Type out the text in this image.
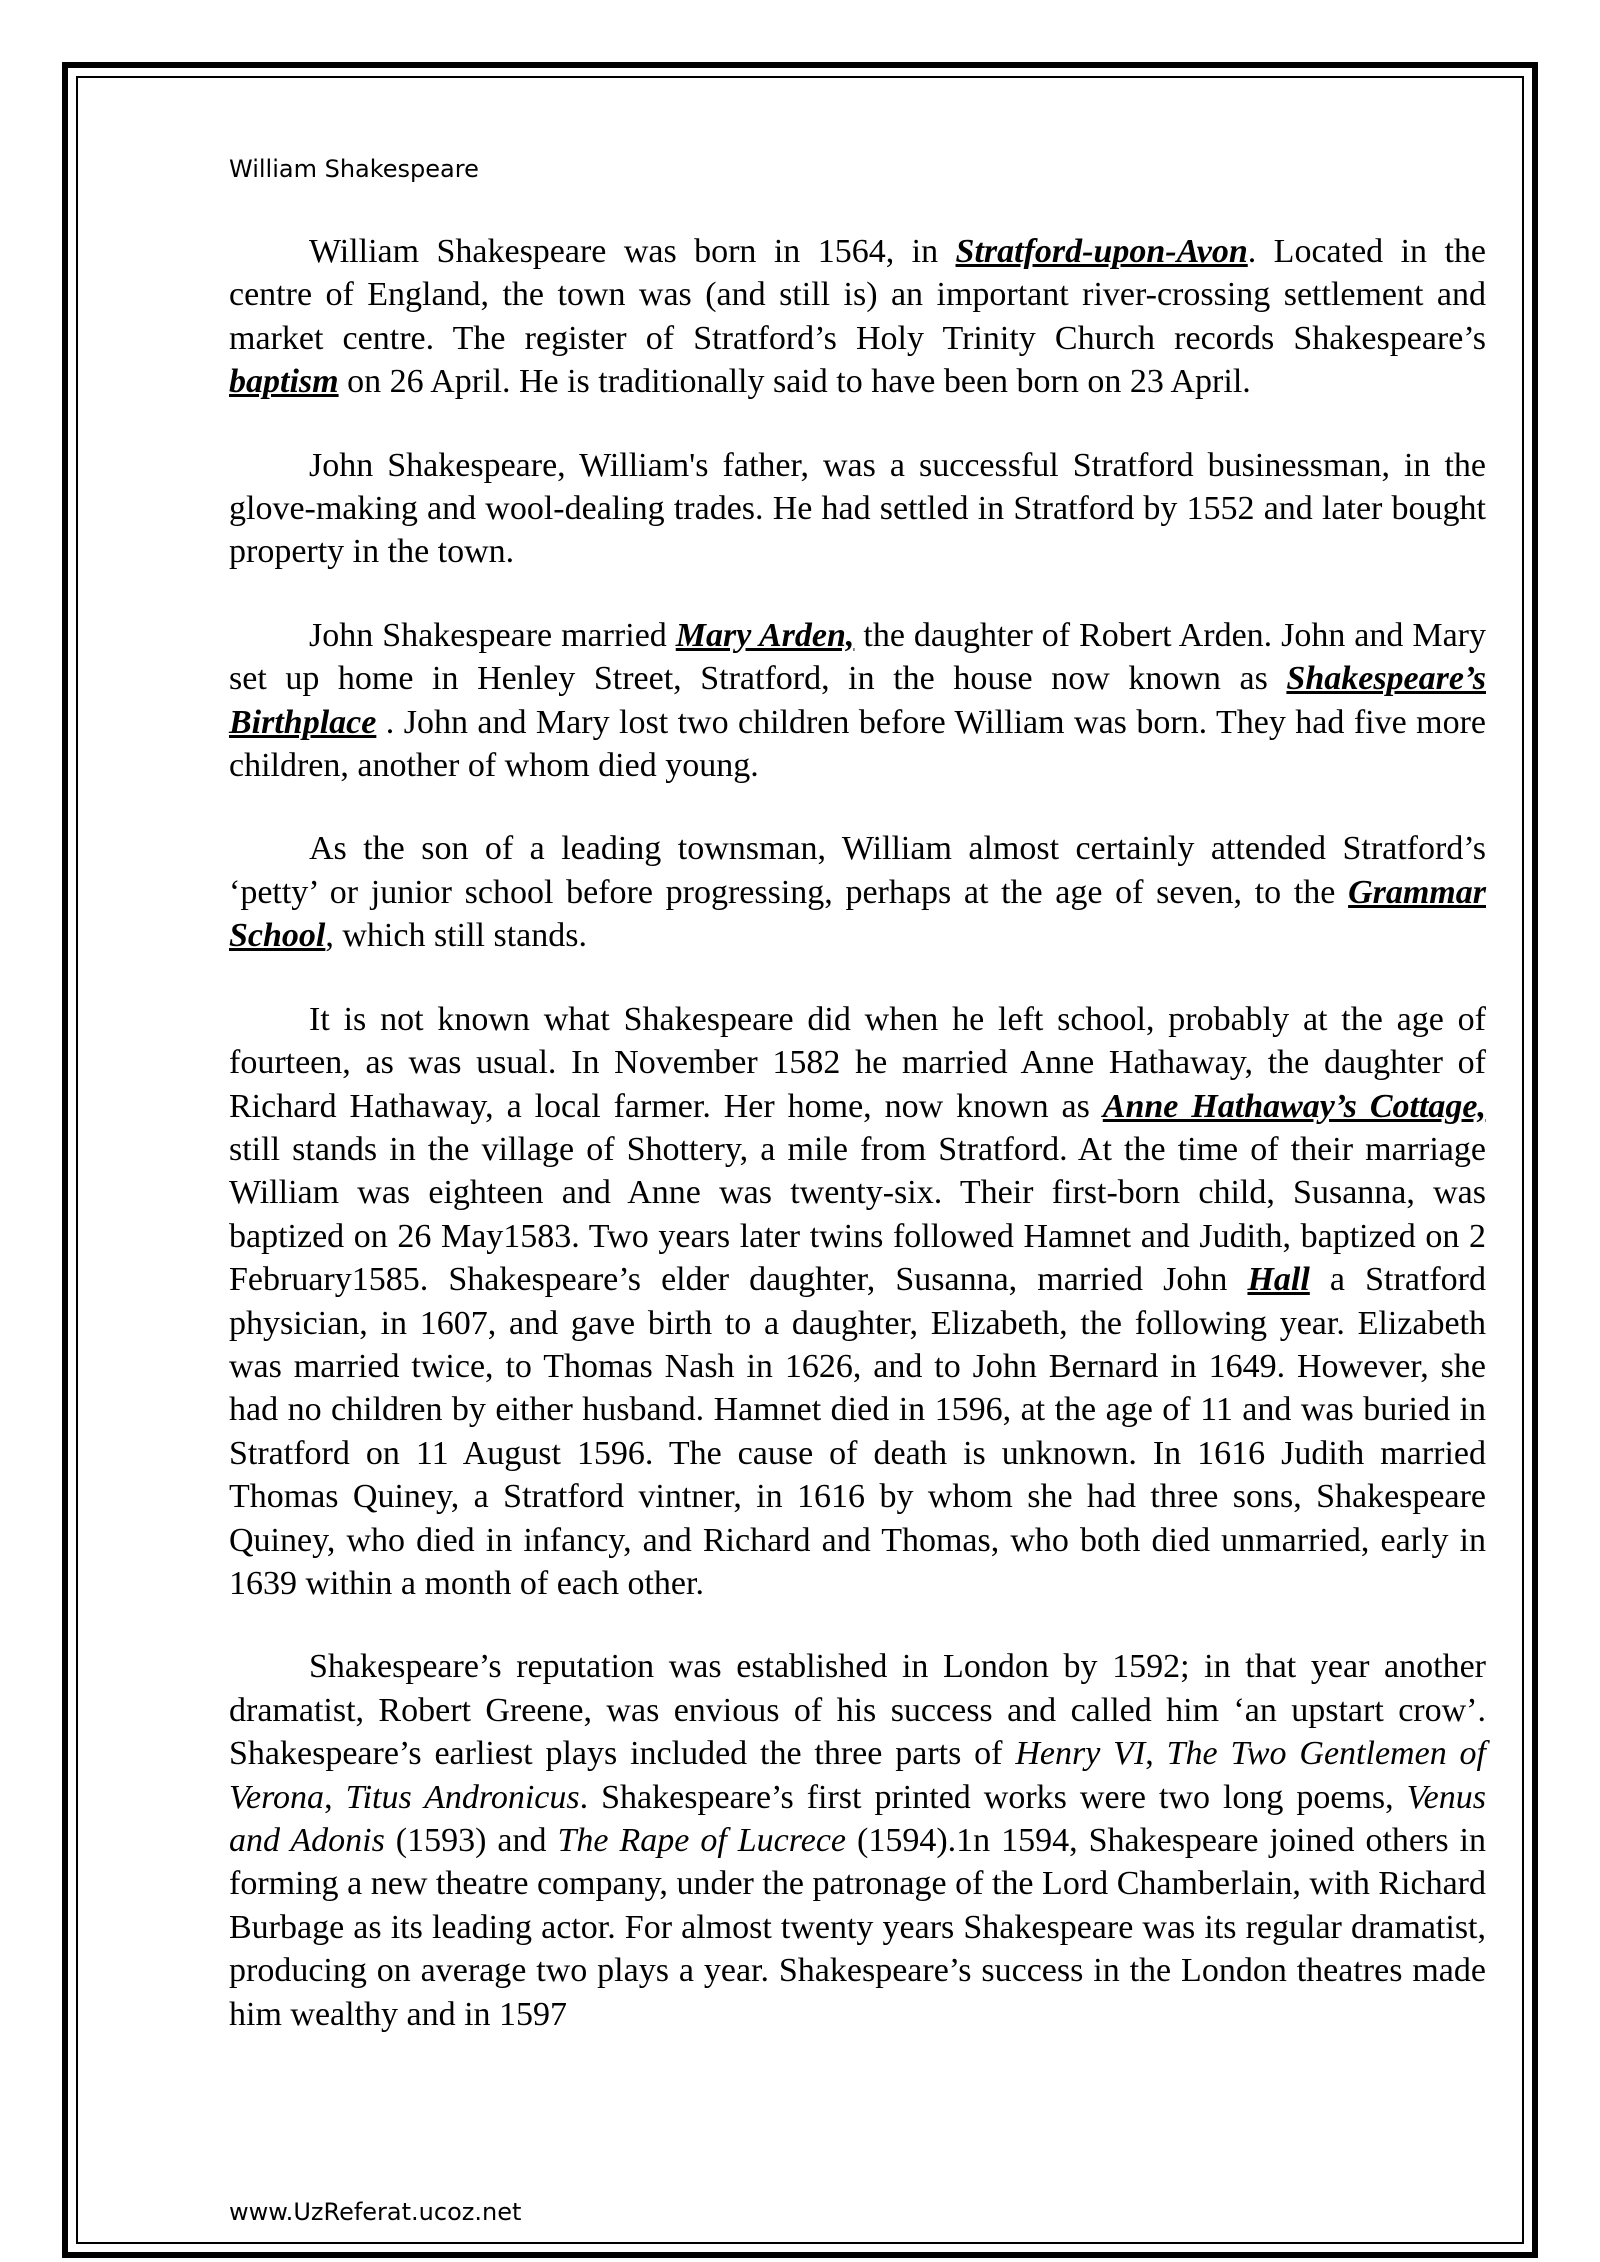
William Shakespeare

William Shakespeare was born in 1564, in Stratford-upon-Avon. Located in the centre of England, the town was (and still is) an important river-crossing settlement and market centre. The register of Stratford’s Holy Trinity Church records Shakespeare’s baptism on 26 April. He is traditionally said to have been born on 23 April.

John Shakespeare, William's father, was a successful Stratford businessman, in the glove-making and wool-dealing trades. He had settled in Stratford by 1552 and later bought property in the town.

John Shakespeare married Mary Arden, the daughter of Robert Arden. John and Mary set up home in Henley Street, Stratford, in the house now known as Shakespeare’s Birthplace . John and Mary lost two children before William was born. They had five more children, another of whom died young.

As the son of a leading townsman, William almost certainly attended Stratford’s ‘petty’ or junior school before progressing, perhaps at the age of seven, to the Grammar School, which still stands.

It is not known what Shakespeare did when he left school, probably at the age of fourteen, as was usual. In November 1582 he married Anne Hathaway, the daughter of Richard Hathaway, a local farmer. Her home, now known as Anne Hathaway’s Cottage, still stands in the village of Shottery, a mile from Stratford. At the time of their marriage William was eighteen and Anne was twenty-six. Their first-born child, Susanna, was baptized on 26 May1583. Two years later twins followed Hamnet and Judith, baptized on 2 February1585. Shakespeare’s elder daughter, Susanna, married John Hall a Stratford physician, in 1607, and gave birth to a daughter, Elizabeth, the following year. Elizabeth was married twice, to Thomas Nash in 1626, and to John Bernard in 1649. However, she had no children by either husband. Hamnet died in 1596, at the age of 11 and was buried in Stratford on 11 August 1596. The cause of death is unknown. In 1616 Judith married Thomas Quiney, a Stratford vintner, in 1616 by whom she had three sons, Shakespeare Quiney, who died in infancy, and Richard and Thomas, who both died unmarried, early in 1639 within a month of each other.

Shakespeare’s reputation was established in London by 1592; in that year another dramatist, Robert Greene, was envious of his success and called him ‘an upstart crow’. Shakespeare’s earliest plays included the three parts of Henry VI, The Two Gentlemen of Verona, Titus Andronicus. Shakespeare’s first printed works were two long poems, Venus and Adonis (1593) and The Rape of Lucrece (1594).1n 1594, Shakespeare joined others in forming a new theatre company, under the patronage of the Lord Chamberlain, with Richard Burbage as its leading actor. For almost twenty years Shakespeare was its regular dramatist, producing on average two plays a year. Shakespeare’s success in the London theatres made him wealthy and in 1597

www.UzReferat.ucoz.net
